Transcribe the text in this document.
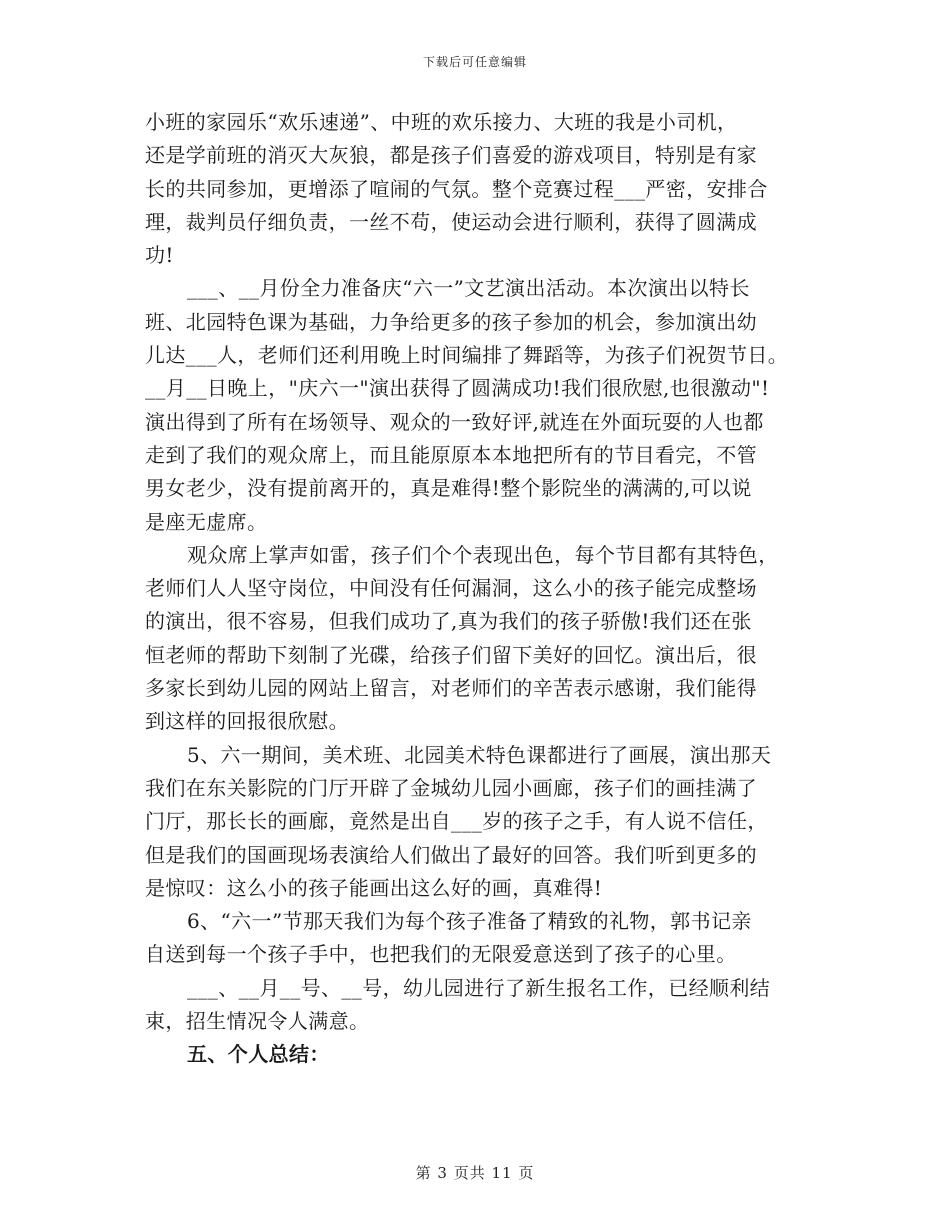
下载后可任意编辑
小班的家园乐“欢乐速递”、中班的欢乐接力、大班的我是小司机，
还是学前班的消灭大灰狼，都是孩子们喜爱的游戏项目，特别是有家
长的共同参加，更增添了喧闹的气氛。整个竞赛过程___严密，安排合
理，裁判员仔细负责，一丝不苟，使运动会进行顺利，获得了圆满成
功!
___、__月份全力准备庆“六一”文艺演出活动。本次演出以特长
班、北园特色课为基础，力争给更多的孩子参加的机会，参加演出幼
儿达___人，老师们还利用晚上时间编排了舞蹈等，为孩子们祝贺节日。
__月__日晚上，"庆六一"演出获得了圆满成功!我们很欣慰,也很激动"!
演出得到了所有在场领导、观众的一致好评,就连在外面玩耍的人也都
走到了我们的观众席上，而且能原原本本地把所有的节目看完，不管
男女老少，没有提前离开的，真是难得!整个影院坐的满满的,可以说
是座无虚席。
观众席上掌声如雷，孩子们个个表现出色，每个节目都有其特色，
老师们人人坚守岗位，中间没有任何漏洞，这么小的孩子能完成整场
的演出，很不容易，但我们成功了,真为我们的孩子骄傲!我们还在张
恒老师的帮助下刻制了光碟，给孩子们留下美好的回忆。演出后，很
多家长到幼儿园的网站上留言，对老师们的辛苦表示感谢，我们能得
到这样的回报很欣慰。
5、六一期间，美术班、北园美术特色课都进行了画展，演出那天
我们在东关影院的门厅开辟了金城幼儿园小画廊，孩子们的画挂满了
门厅，那长长的画廊，竟然是出自___岁的孩子之手，有人说不信任，
但是我们的国画现场表演给人们做出了最好的回答。我们听到更多的
是惊叹：这么小的孩子能画出这么好的画，真难得!
6、“六一”节那天我们为每个孩子准备了精致的礼物，郭书记亲
自送到每一个孩子手中，也把我们的无限爱意送到了孩子的心里。
___、__月__号、__号，幼儿园进行了新生报名工作，已经顺利结
束，招生情况令人满意。
五、个人总结：
第 3 页共 11 页
